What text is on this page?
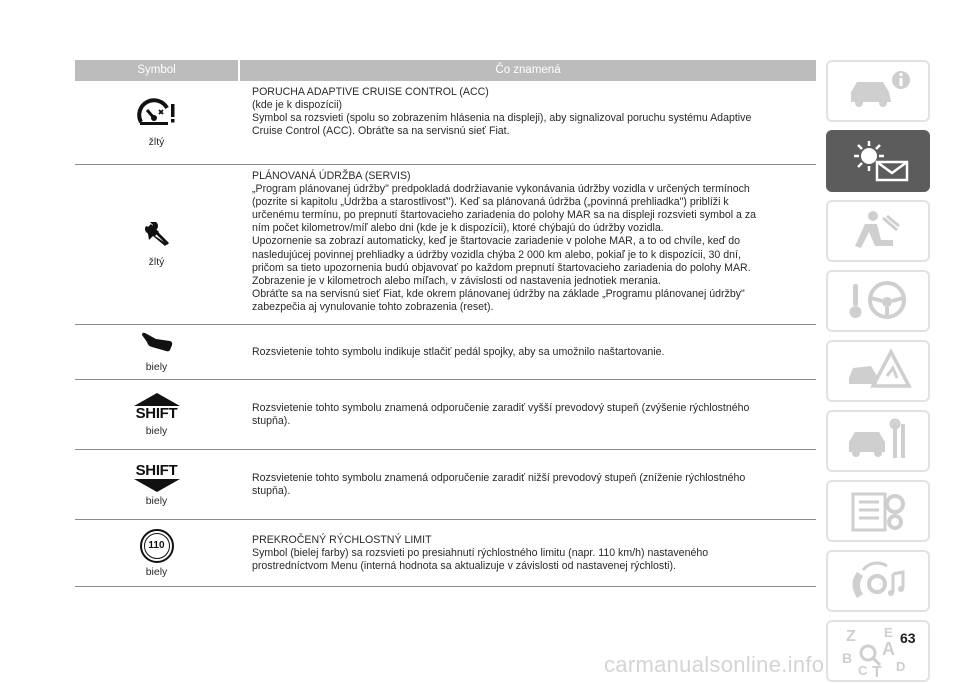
Symbol	Čo znamená
žltý

PORUCHA ADAPTIVE CRUISE CONTROL (ACC)

(kde je k dispozícii)

Symbol sa rozsvieti (spolu so zobrazením hlásenia na displeji), aby signalizoval poruchu systému Adaptive

Cruise Control (ACC). Obráťte sa na servisnú sieť Fiat.

žltý

PLÁNOVANÁ ÚDRŽBA (SERVIS)

„Program plánovanej údržby" predpokladá dodržiavanie vykonávania údržby vozidla v určených termínoch

(pozrite si kapitolu „Údržba a starostlivosť"). Keď sa plánovaná údržba („povinná prehliadka") priblíži k

určenému termínu, po prepnutí štartovacieho zariadenia do polohy MAR sa na displeji rozsvieti symbol a za

ním počet kilometrov/míľ alebo dni (kde je k dispozícii), ktoré chýbajú do údržby vozidla.

Upozornenie sa zobrazí automaticky, keď je štartovacie zariadenie v polohe MAR, a to od chvíle, keď do

nasledujúcej povinnej prehliadky a údržby vozidla chýba 2 000 km alebo, pokiaľ je to k dispozícii, 30 dní,

pričom sa tieto upozornenia budú objavovať po každom prepnutí štartovacieho zariadenia do polohy MAR.

Zobrazenie je v kilometroch alebo míľach, v závislosti od nastavenia jednotiek merania.

Obráťte sa na servisnú sieť Fiat, kde okrem plánovanej údržby na základe „Programu plánovanej údržby"

zabezpečia aj vynulovanie tohto zobrazenia (reset).

biely

Rozsvietenie tohto symbolu indikuje stlačiť pedál spojky, aby sa umožnilo naštartovanie.

SHIFT
biely

Rozsvietenie tohto symbolu znamená odporučenie zaradiť vyšší prevodový stupeň (zvýšenie rýchlostného

stupňa).

SHIFT
biely

Rozsvietenie tohto symbolu znamená odporučenie zaradiť nižší prevodový stupeň (zníženie rýchlostného

stupňa).

110
biely

PREKROČENÝ RÝCHLOSTNÝ LIMIT

Symbol (bielej farby) sa rozsvieti po presiahnutí rýchlostného limitu (napr. 110 km/h) nastaveného

prostredníctvom Menu (interná hodnota sa aktualizuje v závislosti od nastavenej rýchlosti).

Z E
A
B
C T D
63
carmanualsonline.info
